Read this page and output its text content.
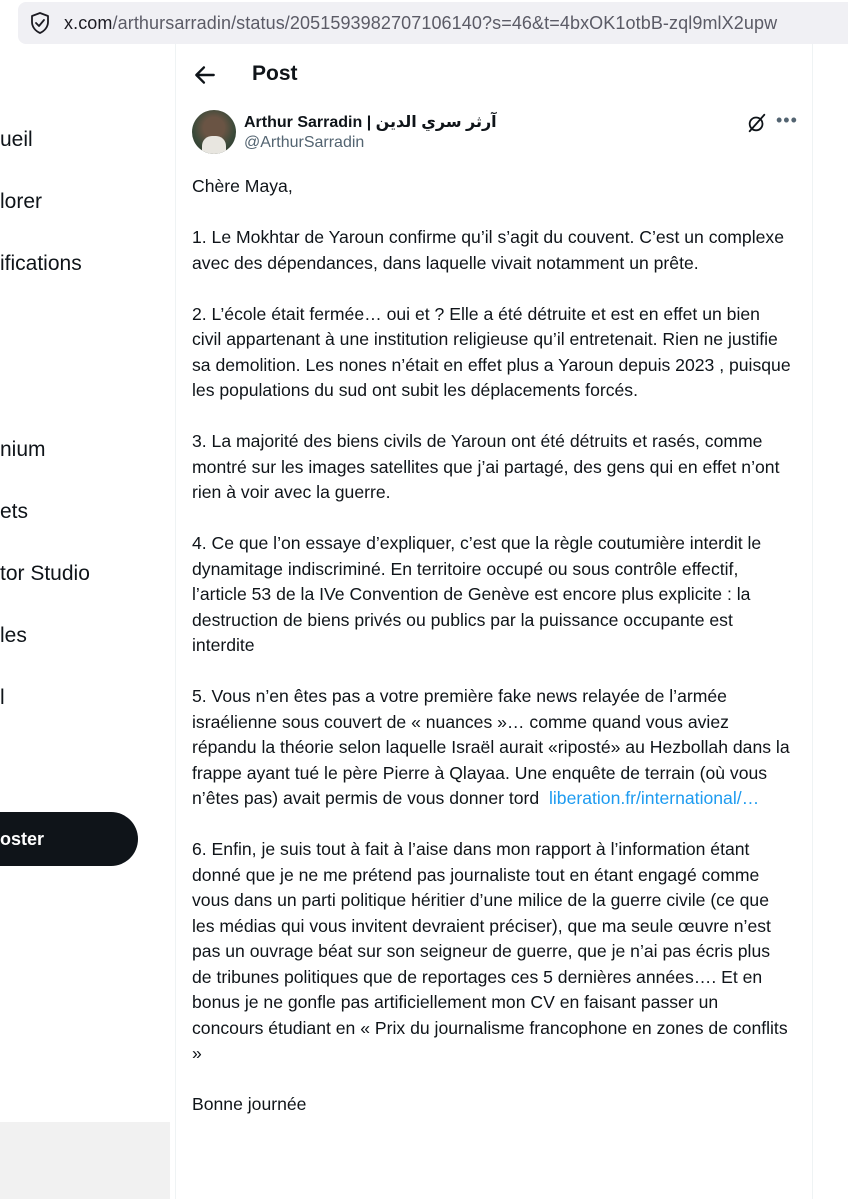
x.com/arthursarradin/status/2051593982707106140?s=46&t=4bxOK1otbB-zql9mlX2upw
ueil
lorer
ifications
nium
ets
tor Studio
les
l
oster
Post
Arthur Sarradin | آرثر سري الدين
@ArthurSarradin
•••

Chère Maya,

1. Le Mokhtar de Yaroun confirme qu’il s’agit du couvent. C’est un complexe avec des dépendances, dans laquelle vivait notamment un prête.

2. L’école était fermée… oui et ? Elle a été détruite et est en effet un bien civil appartenant à une institution religieuse qu’il entretenait. Rien ne justifie sa demolition. Les nones n’était en effet plus a Yaroun depuis 2023 , puisque les populations du sud ont subit les déplacements forcés.

3. La majorité des biens civils de Yaroun ont été détruits et rasés, comme montré sur les images satellites que j’ai partagé, des gens qui en effet n’ont rien à voir avec la guerre.

4. Ce que l’on essaye d’expliquer, c’est que la règle coutumière interdit le dynamitage indiscriminé. En territoire occupé ou sous contrôle effectif, l’article 53 de la IVe Convention de Genève est encore plus explicite : la destruction de biens privés ou publics par la puissance occupante est interdite

5. Vous n’en êtes pas a votre première fake news relayée de l’armée israélienne sous couvert de « nuances »… comme quand vous aviez répandu la théorie selon laquelle Israël aurait «riposté» au Hezbollah dans la frappe ayant tué le père Pierre à Qlayaa. Une enquête de terrain (où vous n’êtes pas) avait permis de vous donner tord liberation.fr/international/…

6. Enfin, je suis tout à fait à l’aise dans mon rapport à l’information étant donné que je ne me prétend pas journaliste tout en étant engagé comme vous dans un parti politique héritier d’une milice de la guerre civile (ce que les médias qui vous invitent devraient préciser), que ma seule œuvre n’est pas un ouvrage béat sur son seigneur de guerre, que je n’ai pas écris plus de tribunes politiques que de reportages ces 5 dernières années…. Et en bonus je ne gonfle pas artificiellement mon CV en faisant passer un concours étudiant en « Prix du journalisme francophone en zones de conflits »

Bonne journée
